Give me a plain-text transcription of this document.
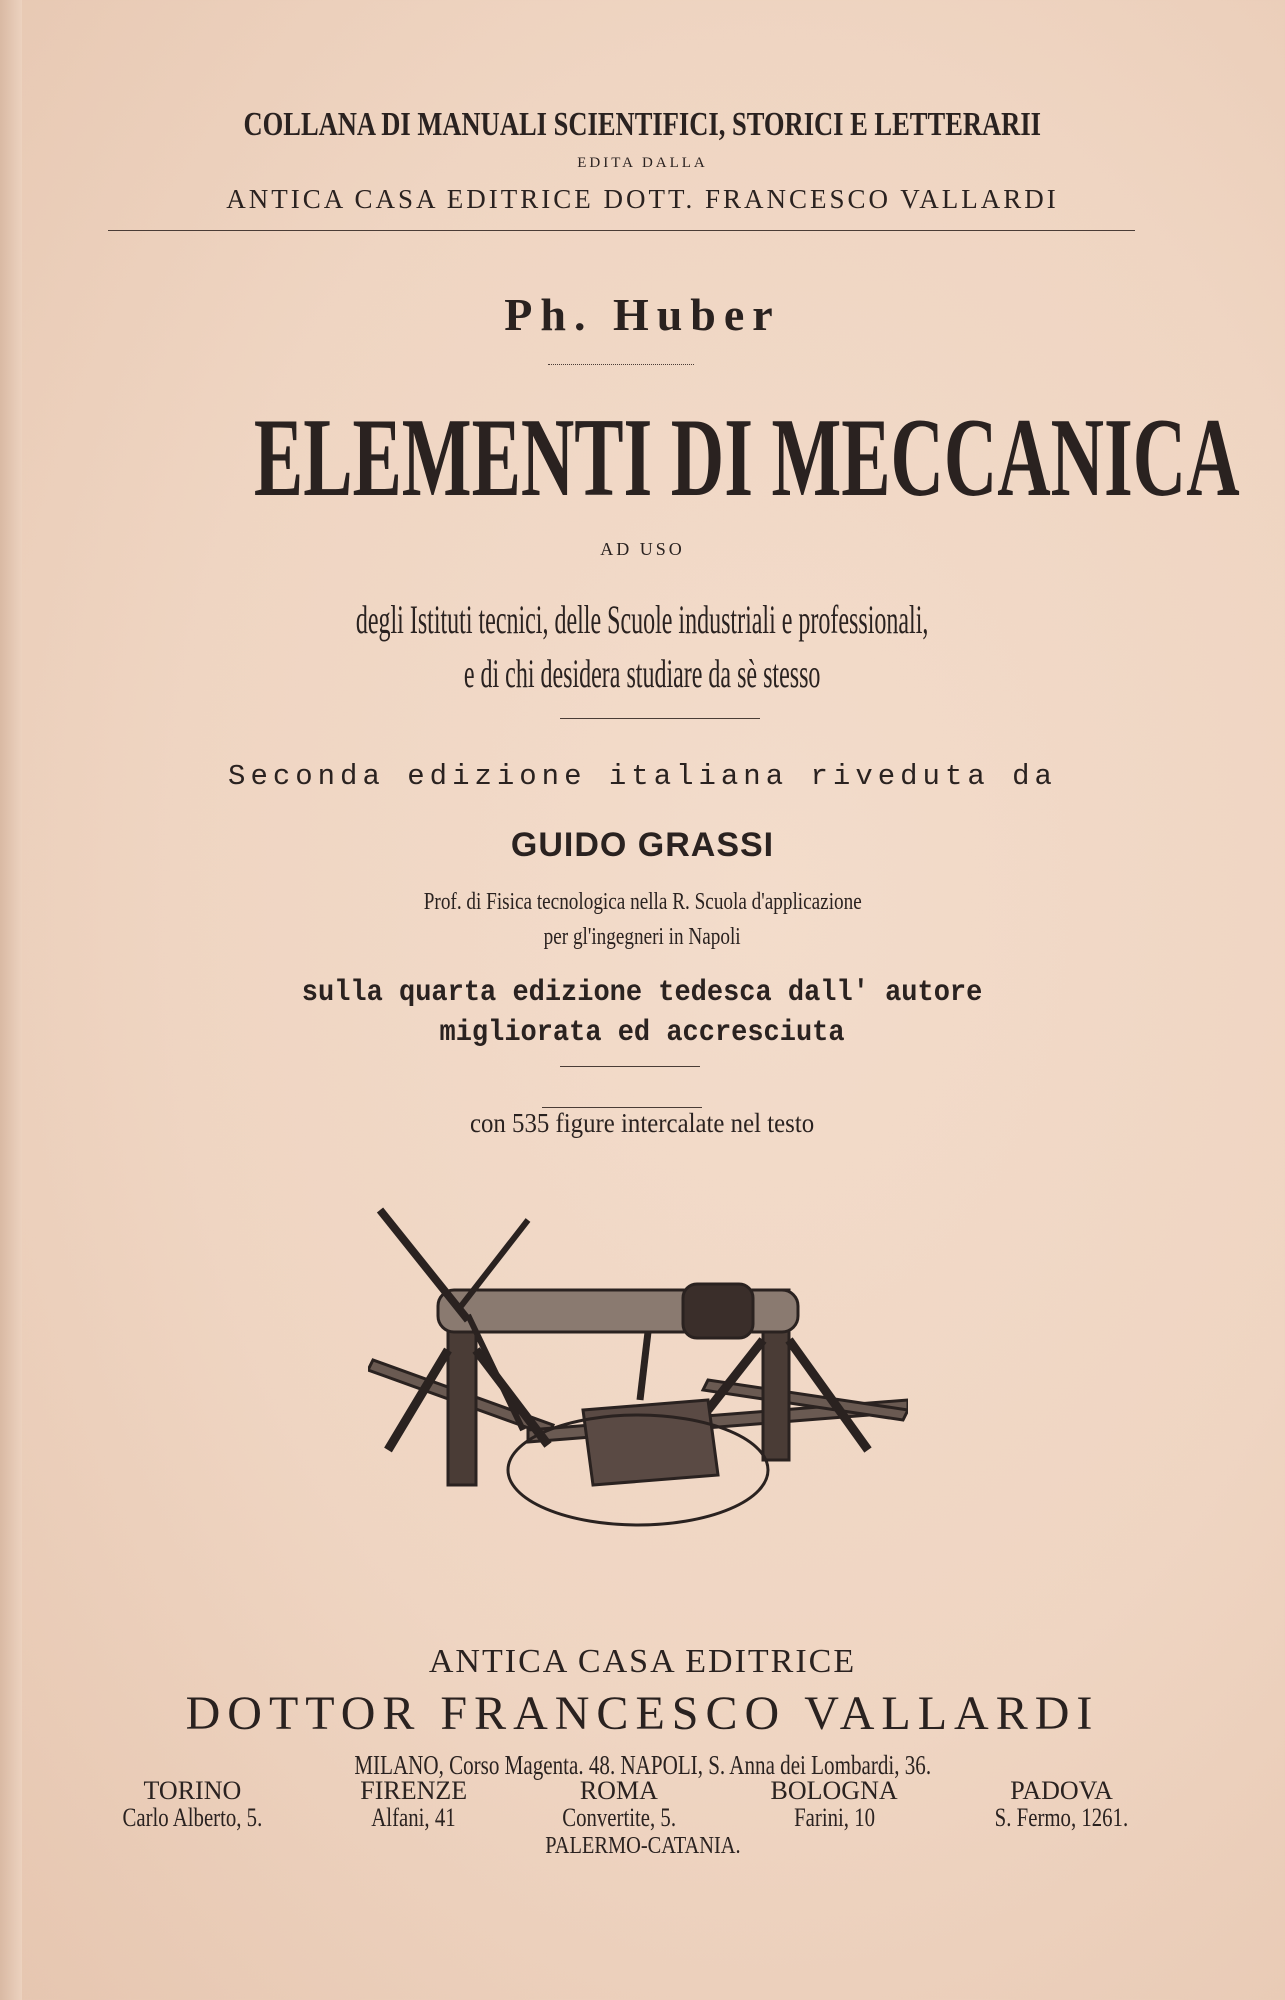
COLLANA DI MANUALI SCIENTIFICI, STORICI E LETTERARII
EDITA DALLA
ANTICA CASA EDITRICE DOTT. FRANCESCO VALLARDI
Ph. Huber
ELEMENTI DI MECCANICA
AD USO
degli Istituti tecnici, delle Scuole industriali e professionali,
e di chi desidera studiare da sè stesso
Seconda edizione italiana riveduta da
GUIDO GRASSI
Prof. di Fisica tecnologica nella R. Scuola d'applicazione
per gl'ingegneri in Napoli
sulla quarta edizione tedesca dall' autore
migliorata ed accresciuta
con 535 figure intercalate nel testo
ANTICA CASA EDITRICE
DOTTOR FRANCESCO VALLARDI
MILANO, Corso Magenta. 48. NAPOLI, S. Anna dei Lombardi, 36.
TORINO
Carlo Alberto, 5.
FIRENZE
Alfani, 41
ROMA
Convertite, 5.
BOLOGNA
Farini, 10
PADOVA
S. Fermo, 1261.
PALERMO-CATANIA.
